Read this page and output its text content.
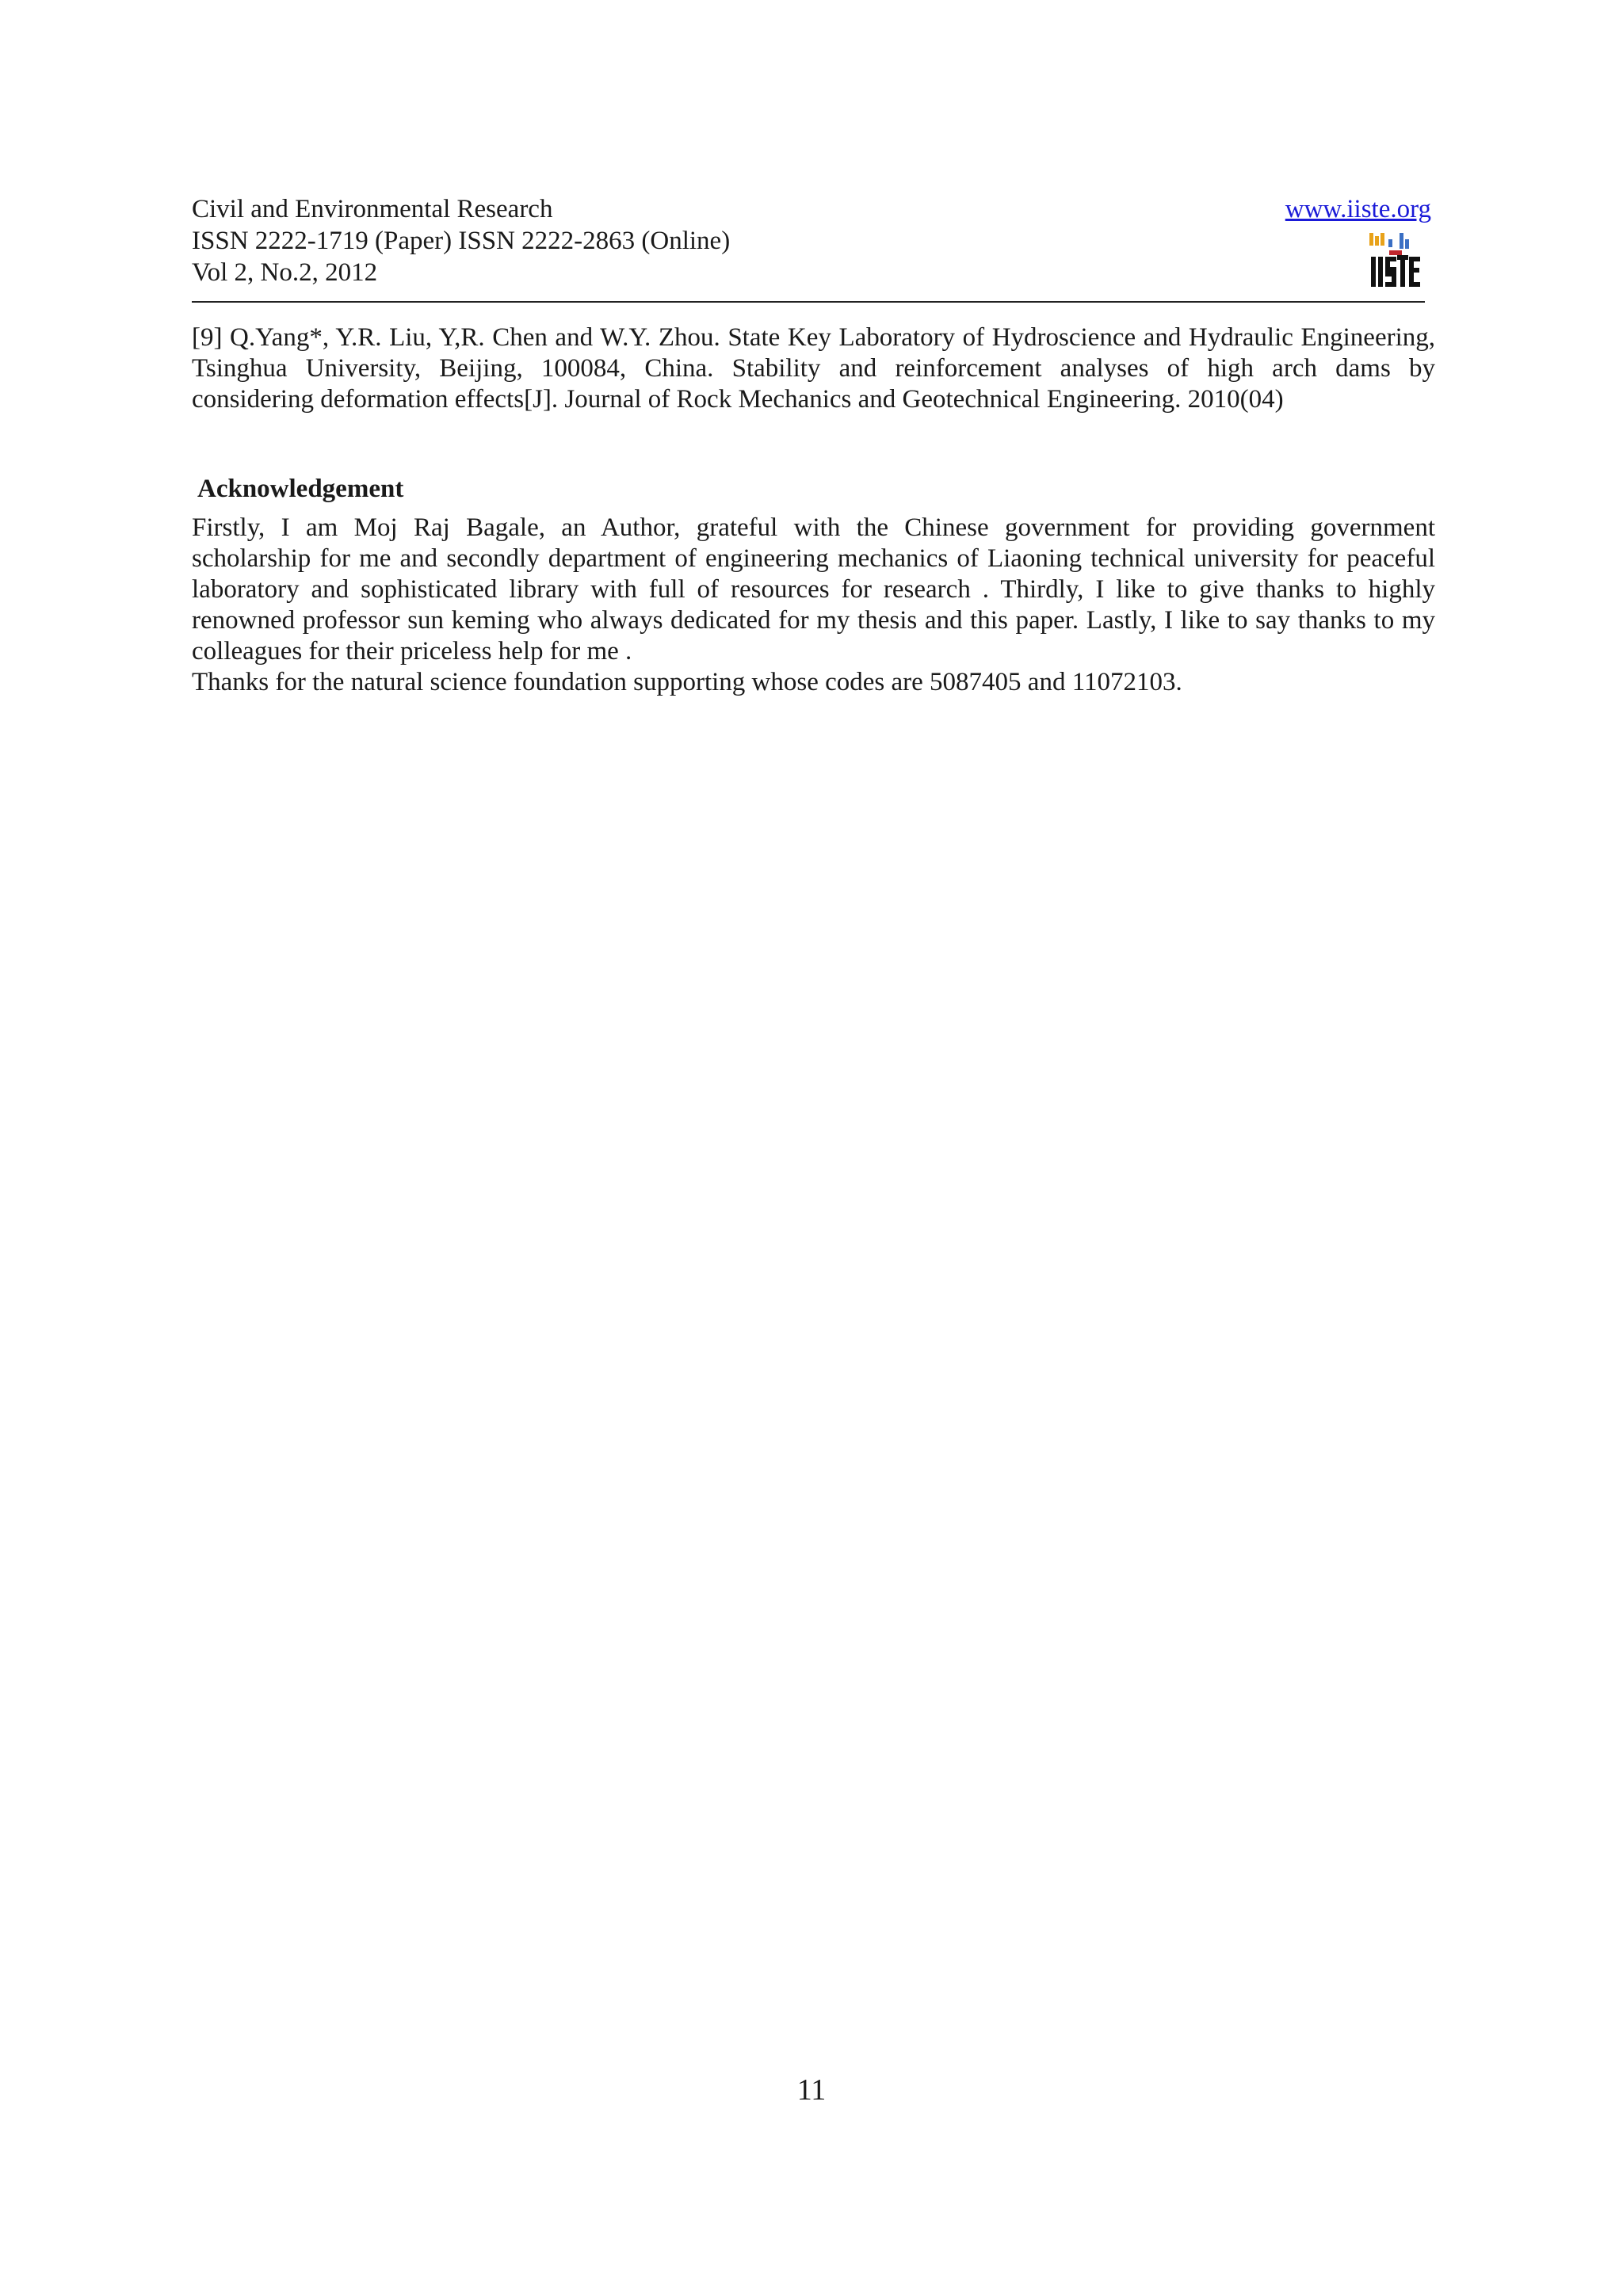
Civil and Environmental Research
ISSN 2222-1719 (Paper) ISSN 2222-2863 (Online)
Vol 2, No.2, 2012
www.iiste.org
[9] Q.Yang*, Y.R. Liu, Y,R. Chen and W.Y. Zhou. State Key Laboratory of Hydroscience and Hydraulic Engineering,
Tsinghua University, Beijing, 100084, China. Stability and reinforcement analyses of high arch dams by
considering deformation effects[J]. Journal of Rock Mechanics and Geotechnical Engineering. 2010(04)
Acknowledgement
Firstly, I am Moj Raj Bagale, an Author, grateful with the Chinese government for providing government
scholarship for me and secondly department of engineering mechanics of Liaoning technical university for peaceful
laboratory and sophisticated library with full of resources for research . Thirdly, I like to give thanks to highly
renowned professor sun keming who always dedicated for my thesis and this paper. Lastly, I like to say thanks to my
colleagues for their priceless help for me .
Thanks for the natural science foundation supporting whose codes are 5087405 and 11072103.
11
